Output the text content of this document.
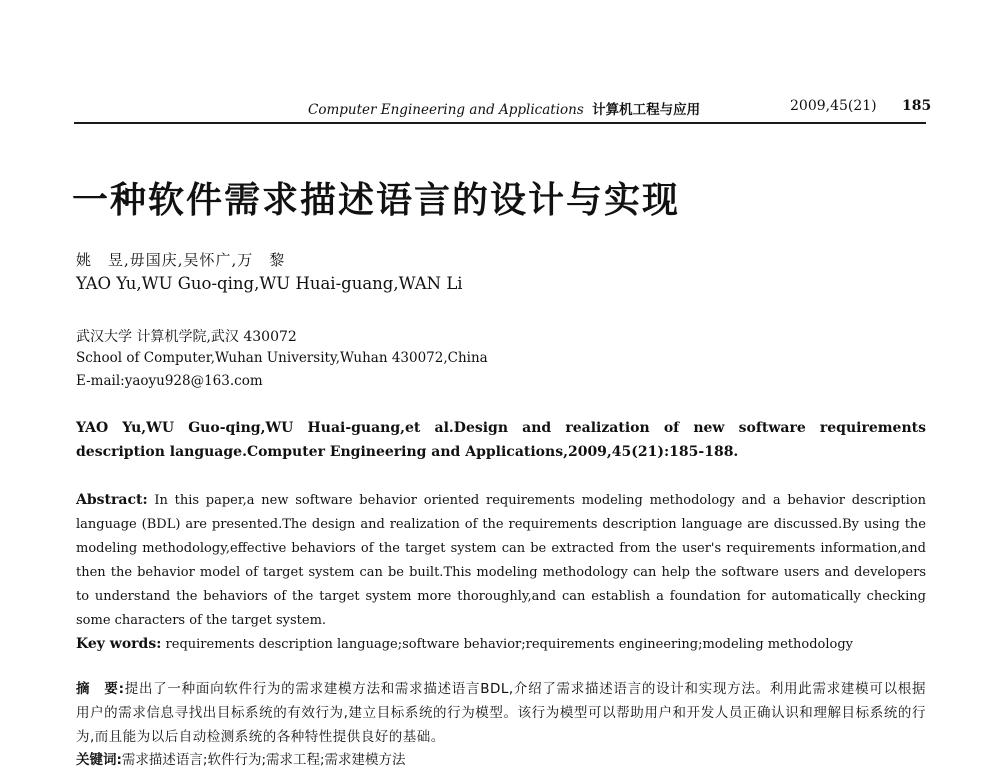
Computer Engineering and Applications 计算机工程与应用	2009,45(21) 185
一种软件需求描述语言的设计与实现
姚　昱,毋国庆,吴怀广,万　黎
YAO Yu,WU Guo-qing,WU Huai-guang,WAN Li
武汉大学 计算机学院,武汉 430072
School of Computer,Wuhan University,Wuhan 430072,China
E-mail:yaoyu928@163.com
YAO Yu,WU Guo-qing,WU Huai-guang,et al.Design and realization of new software requirements description language.Computer Engineering and Applications,2009,45(21):185-188.
Abstract: In this paper,a new software behavior oriented requirements modeling methodology and a behavior description language (BDL) are presented.The design and realization of the requirements description language are discussed.By using the modeling methodology,effective behaviors of the target system can be extracted from the user's requirements information,and then the behavior model of target system can be built.This modeling methodology can help the software users and developers to understand the behaviors of the target system more thoroughly,and can establish a foundation for automatically checking some characters of the target system.
Key words: requirements description language;software behavior;requirements engineering;modeling methodology
摘　要:提出了一种面向软件行为的需求建模方法和需求描述语言BDL,介绍了需求描述语言的设计和实现方法。利用此需求建模可以根据用户的需求信息寻找出目标系统的有效行为,建立目标系统的行为模型。该行为模型可以帮助用户和开发人员正确认识和理解目标系统的行为,而且能为以后自动检测系统的各种特性提供良好的基础。
关键词:需求描述语言;软件行为;需求工程;需求建模方法
